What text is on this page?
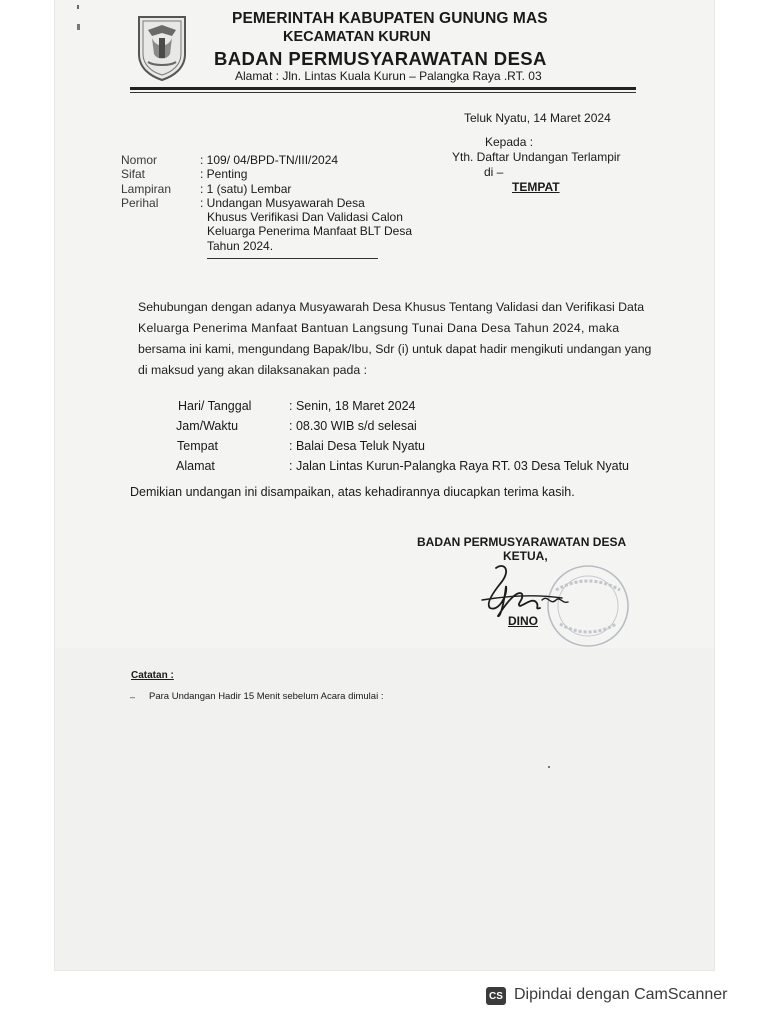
PEMERINTAH KABUPATEN GUNUNG MAS
KECAMATAN KURUN
BADAN PERMUSYARAWATAN DESA
Alamat : Jln. Lintas Kuala Kurun – Palangka Raya .RT. 03
Teluk Nyatu, 14 Maret 2024
Kepada :
Yth. Daftar Undangan Terlampir
di –
TEMPAT
Nomor	: 109/ 04/BPD-TN/III/2024
Sifat	: Penting
Lampiran : 1 (satu) Lembar
Perihal	: Undangan Musyawarah Desa
Khusus Verifikasi Dan Validasi Calon
Keluarga Penerima Manfaat BLT Desa
Tahun 2024.
Sehubungan dengan adanya Musyawarah Desa Khusus Tentang Validasi dan Verifikasi Data
Keluarga Penerima Manfaat Bantuan Langsung Tunai Dana Desa Tahun 2024, maka
bersama ini kami, mengundang Bapak/Ibu, Sdr (i) untuk dapat hadir mengikuti undangan yang
di maksud yang akan dilaksanakan pada :
Hari/ Tanggal	: Senin, 18 Maret 2024
Jam/Waktu	: 08.30 WIB s/d selesai
Tempat	: Balai Desa Teluk Nyatu
Alamat	: Jalan Lintas Kurun-Palangka Raya RT. 03 Desa Teluk Nyatu
Demikian undangan ini disampaikan, atas kehadirannya diucapkan terima kasih.
BADAN PERMUSYARAWATAN DESA
KETUA,
DINO
Catatan :
– Para Undangan Hadir 15 Menit sebelum Acara dimulai :
CS Dipindai dengan CamScanner
